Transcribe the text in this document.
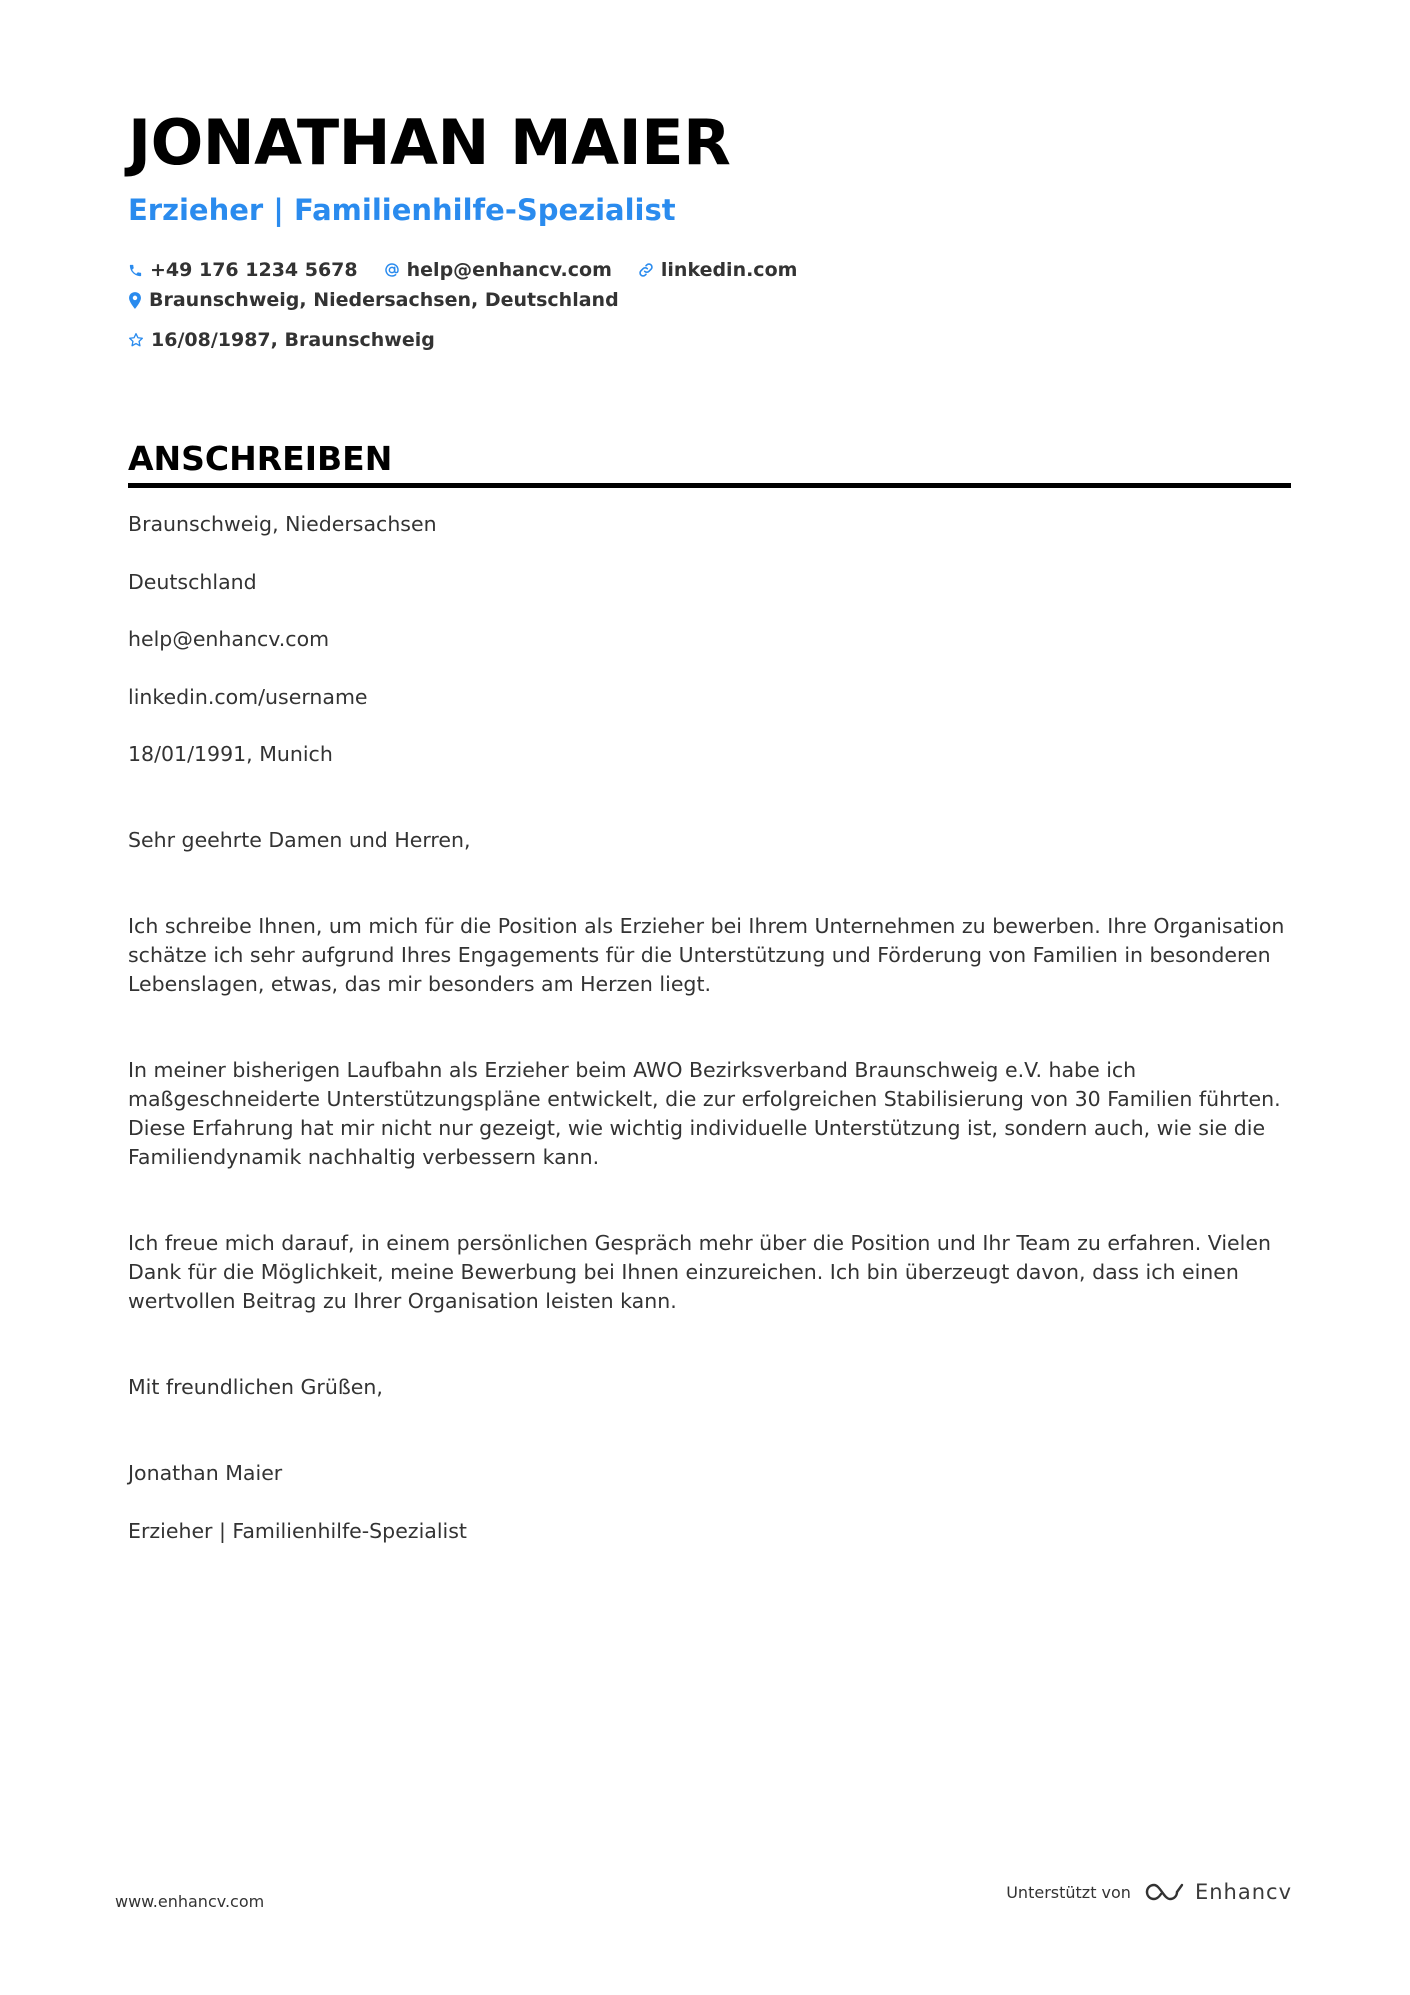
JONATHAN MAIER
Erzieher | Familienhilfe-Spezialist
+49 176 1234 5678	help@enhancv.com	linkedin.com
Braunschweig, Niedersachsen, Deutschland
16/08/1987, Braunschweig
ANSCHREIBEN
Braunschweig, Niedersachsen
Deutschland
help@enhancv.com
linkedin.com/username
18/01/1991, Munich
Sehr geehrte Damen und Herren,

Ich schreibe Ihnen, um mich für die Position als Erzieher bei Ihrem Unternehmen zu bewerben. Ihre Organisation schätze ich sehr aufgrund Ihres Engagements für die Unterstützung und Förderung von Familien in besonderen Lebenslagen, etwas, das mir besonders am Herzen liegt.

In meiner bisherigen Laufbahn als Erzieher beim AWO Bezirksverband Braunschweig e.V. habe ich maßgeschneiderte Unterstützungspläne entwickelt, die zur erfolgreichen Stabilisierung von 30 Familien führten. Diese Erfahrung hat mir nicht nur gezeigt, wie wichtig individuelle Unterstützung ist, sondern auch, wie sie die Familiendynamik nachhaltig verbessern kann.

Ich freue mich darauf, in einem persönlichen Gespräch mehr über die Position und Ihr Team zu erfahren. Vielen Dank für die Möglichkeit, meine Bewerbung bei Ihnen einzureichen. Ich bin überzeugt davon, dass ich einen wertvollen Beitrag zu Ihrer Organisation leisten kann.

Mit freundlichen Grüßen,
Jonathan Maier
Erzieher | Familienhilfe-Spezialist
www.enhancv.com	Unterstützt von	Enhancv
